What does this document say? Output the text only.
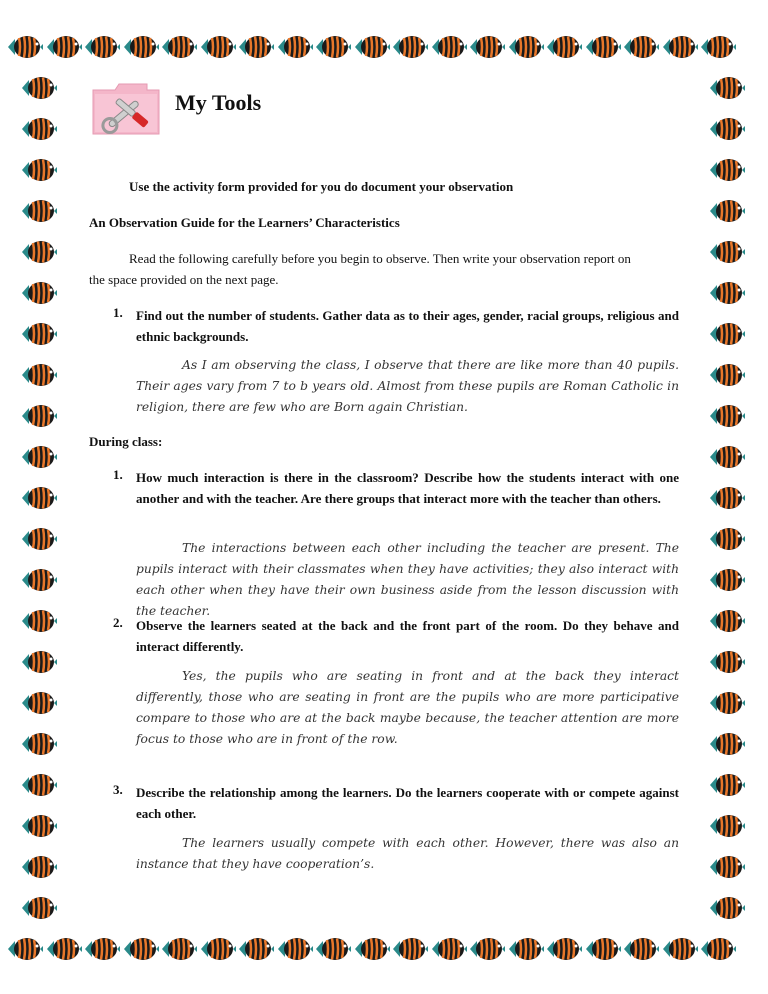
My Tools
Use the activity form provided for you do document your observation
An Observation Guide for the Learners’ Characteristics
Read the following carefully before you begin to observe. Then write your observation report on
the space provided on the next page.
1. Find out the number of students. Gather data as to their ages, gender, racial groups, religious and ethnic backgrounds.
As I am observing the class, I observe that there are like more than 40 pupils. Their ages vary from 7 to b years old. Almost from these pupils are Roman Catholic in religion, there are few who are Born again Christian.
During class:
1. How much interaction is there in the classroom? Describe how the students interact with one another and with the teacher. Are there groups that interact more with the teacher than others.
The interactions between each other including the teacher are present. The pupils interact with their classmates when they have activities; they also interact with each other when they have their own business aside from the lesson discussion with the teacher.
2. Observe the learners seated at the back and the front part of the room. Do they behave and interact differently.
Yes, the pupils who are seating in front and at the back they interact differently, those who are seating in front are the pupils who are more participative compare to those who are at the back maybe because, the teacher attention are more focus to those who are in front of the row.
3. Describe the relationship among the learners. Do the learners cooperate with or compete against each other.
The learners usually compete with each other. However, there was also an instance that they have cooperation’s.
